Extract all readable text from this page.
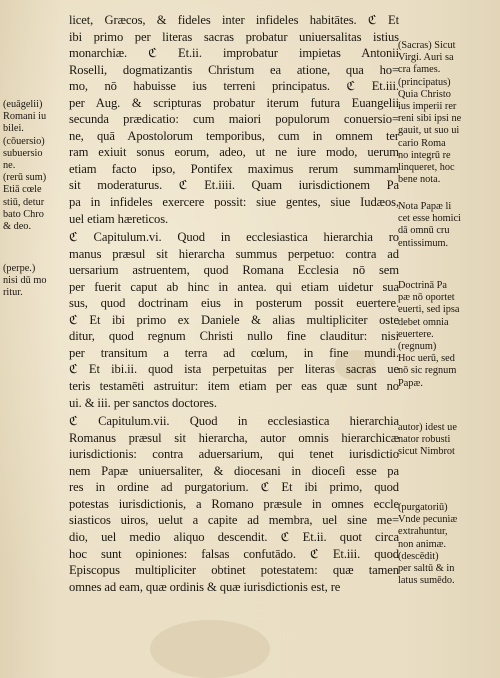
licet, Græcos, & fideles inter infideles habitātes. ℭ Et
ibi primo per literas sacras probatur uniuersalitas istius
monarchiæ. ℭ Et.ii. improbatur impietas Antonii
Roselli, dogmatizantis Christum ea atione, qua ho=
mo, nō habuisse ius terreni principatus. ℭ Et.iii.
per Aug. & scripturas probatur iterum futura Euangelii
secunda prædicatio: cum maiori populorum conuersio=
ne, quā Apostolorum temporibus, cum in omnem ter
ram exiuit sonus eorum, adeo, ut ne iure modo, uerum
etiam facto ipso, Pontifex maximus rerum summam
sit moderaturus. ℭ Et.iiii. Quam iurisdictionem Pa
pa in infideles exercere possit: siue gentes, siue Iudæos,
uel etiam hæreticos.
ℭ Capitulum.vi. Quod in ecclesiastica hierarchia ro
manus præsul sit hierarcha summus perpetuo: contra ad
uersarium astruentem, quod Romana Ecclesia nō sem
per fuerit caput ab hinc in antea. qui etiam uidetur sua
sus, quod doctrinam eius in posterum possit euertere.
ℭ Et ibi primo ex Daniele & alias multipliciter oste
ditur, quod regnum Christi nullo fine clauditur: nisi
per transitum a terra ad cœlum, in fine mundi.
ℭ Et ibi.ii. quod ista perpetuitas per literas sacras ue
teris testamēti astruitur: item etiam per eas quæ sunt no
ui. & iii. per sanctos doctores.
ℭ Capitulum.vii. Quod in ecclesiastica hierarchia
Romanus præsul sit hierarcha, autor omnis hierarchicæ
iurisdictionis: contra aduersarium, qui tenet iurisdictio
nem Papæ uniuersaliter, & diocesani in dioceſi esse pa
res in ordine ad purgatorium. ℭ Et ibi primo, quod
potestas iurisdictionis, a Romano præsule in omnes eccle
siasticos uiros, uelut a capite ad membra, uel sine me=
dio, uel medio aliquo descendit. ℭ Et.ii. quot circa
hoc sunt opiniones: falsas confutādo. ℭ Et.iii. quod
Episcopus multipliciter obtinet potestatem: quæ tamen
omnes ad eam, quæ ordinis & quæ iurisdictionis est, re
(euāgelii)
Romani iu
bilei.
(cōuersio)
subuersio
ne.
(rerū sum)
Etiā cœle
stiū, detur
bato Chro
& deo.
(perpe.)
nisi dū mo
ritur.
(Sacras) Sicut
Virgi. Auri sa
cra fames.
(principatus)
Quia Christo
ius imperii rer
reni sibi ipsi ne
gauit, ut suo ui
cario Roma
no integrū re
linqueret, hoc
bene nota.
Nota Papæ li
cet esse homici
dā omnū cru
entissimum.
Doctrinā Pa
pæ nō oportet
euerti, sed ipsa
debet omnia
euertere.
(regnum)
Hoc uerū, sed
nō sic regnum
Papæ.
autor) idest ue
nator robusti
sicut Nimbrot
(purgatoriū)
Vnde pecuniæ
extrahuntur,
non animæ.
(descēdit)
per saltū & in
latus sumēdo.
